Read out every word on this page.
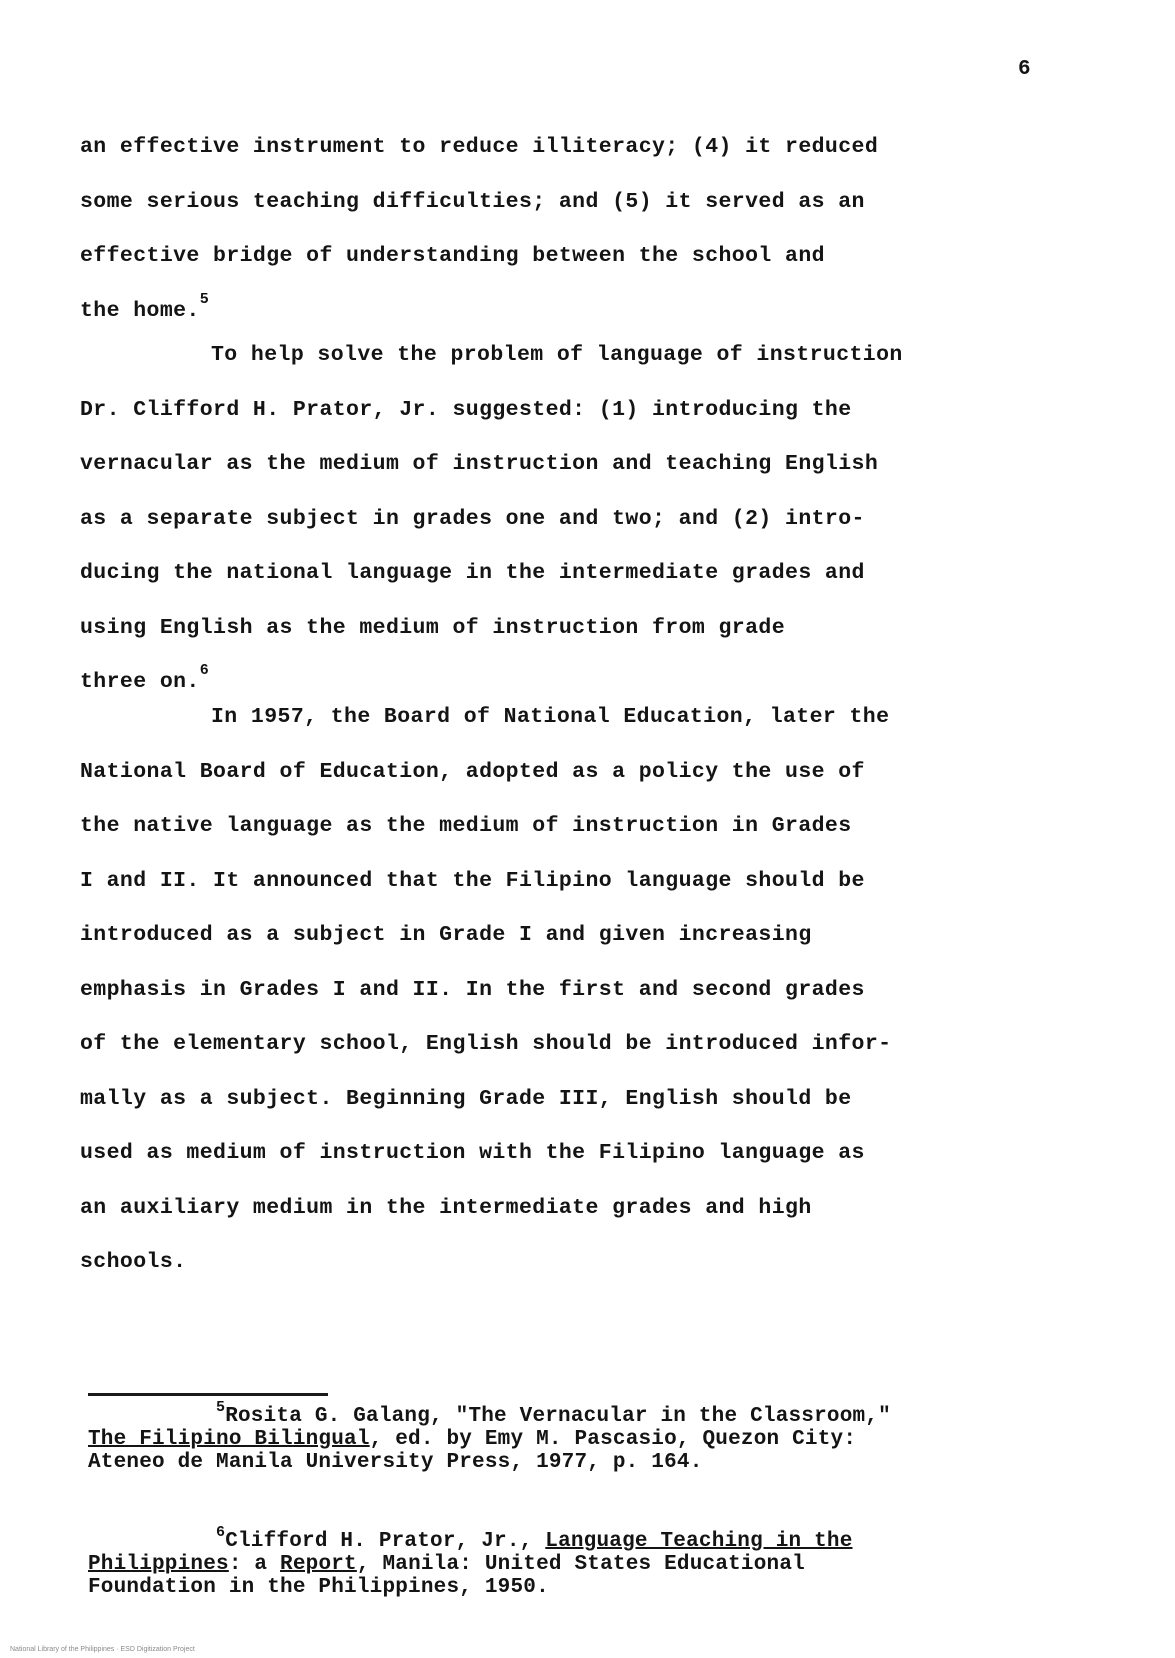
6
an effective instrument to reduce illiteracy; (4) it reduced
some serious teaching difficulties; and (5) it served as an
effective bridge of understanding between the school and
the home.$^5$
To help solve the problem of language of instruction
Dr. Clifford H. Prator, Jr. suggested: (1) introducing the
vernacular as the medium of instruction and teaching English
as a separate subject in grades one and two; and (2) intro-
ducing the national language in the intermediate grades and
using English as the medium of instruction from grade
three on.$^6$
In 1957, the Board of National Education, later the
National Board of Education, adopted as a policy the use of
the native language as the medium of instruction in Grades
I and II. It announced that the Filipino language should be
introduced as a subject in Grade I and given increasing
emphasis in Grades I and II. In the first and second grades
of the elementary school, English should be introduced infor-
mally as a subject. Beginning Grade III, English should be
used as medium of instruction with the Filipino language as
an auxiliary medium in the intermediate grades and high
schools.
$^5$Rosita G. Galang, "The Vernacular in the Classroom,"
The Filipino Bilingual, ed. by Emy M. Pascasio, Quezon City:
Ateneo de Manila University Press, 1977, p. 164.
$^6$Clifford H. Prator, Jr., Language Teaching in the
Philippines: a Report, Manila: United States Educational
Foundation in the Philippines, 1950.
National Library of the Philippines · ESD Digitization Project
